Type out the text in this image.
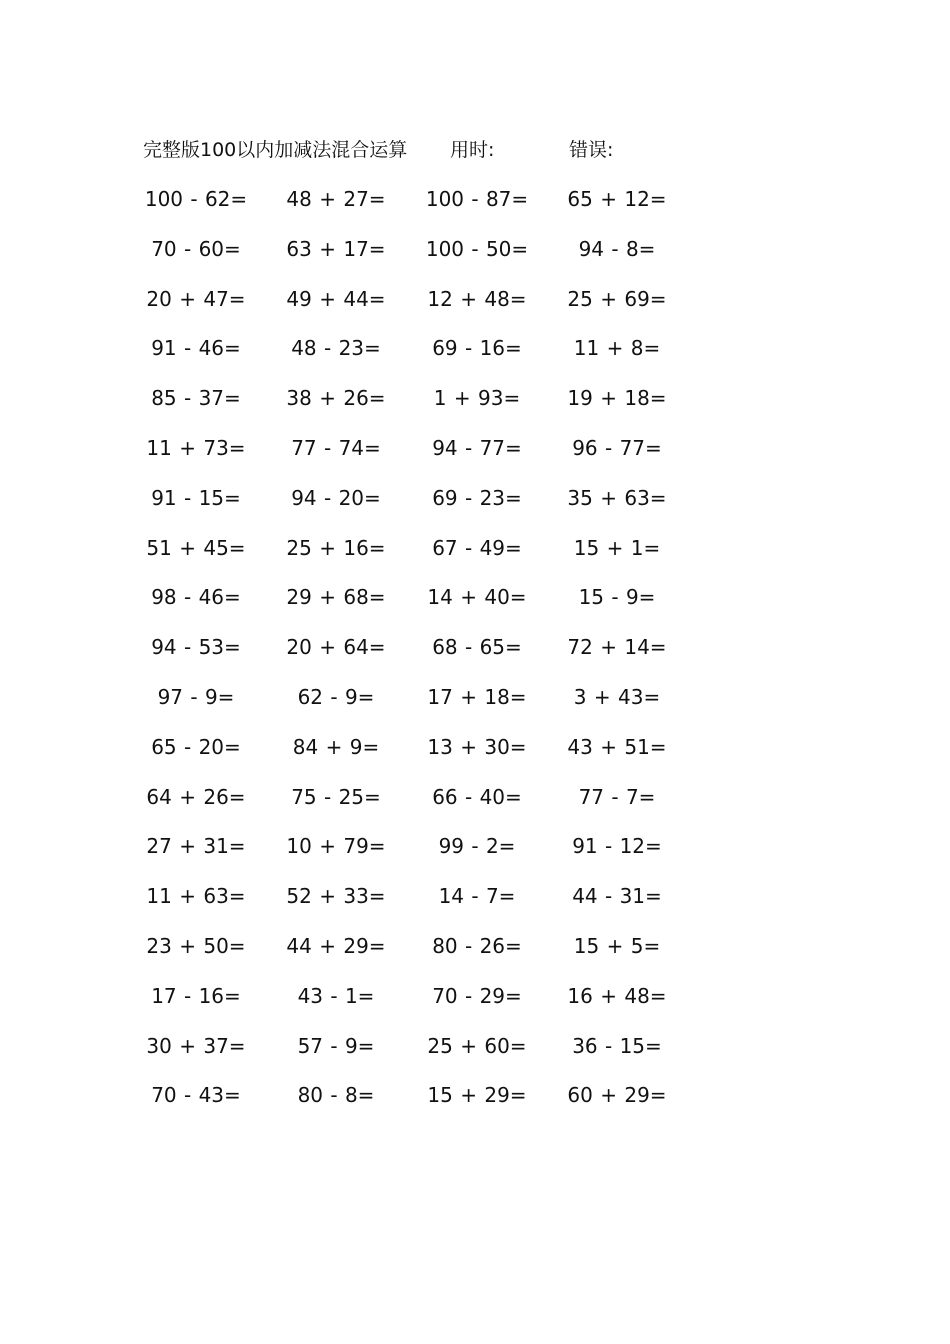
完整版100以内加减法混合运算 用时:	错误:
100 - 62=	48 + 27=	100 - 87=	65 + 12=
70 - 60=	63 + 17=	100 - 50=	94 - 8=
20 + 47=	49 + 44=	12 + 48=	25 + 69=
91 - 46=	48 - 23=	69 - 16=	11 + 8=
85 - 37=	38 + 26=	1 + 93=	19 + 18=
11 + 73=	77 - 74=	94 - 77=	96 - 77=
91 - 15=	94 - 20=	69 - 23=	35 + 63=
51 + 45=	25 + 16=	67 - 49=	15 + 1=
98 - 46=	29 + 68=	14 + 40=	15 - 9=
94 - 53=	20 + 64=	68 - 65=	72 + 14=
97 - 9=	62 - 9=	17 + 18=	3 + 43=
65 - 20=	84 + 9=	13 + 30=	43 + 51=
64 + 26=	75 - 25=	66 - 40=	77 - 7=
27 + 31=	10 + 79=	99 - 2=	91 - 12=
11 + 63=	52 + 33=	14 - 7=	44 - 31=
23 + 50=	44 + 29=	80 - 26=	15 + 5=
17 - 16=	43 - 1=	70 - 29=	16 + 48=
30 + 37=	57 - 9=	25 + 60=	36 - 15=
70 - 43=	80 - 8=	15 + 29=	60 + 29=
